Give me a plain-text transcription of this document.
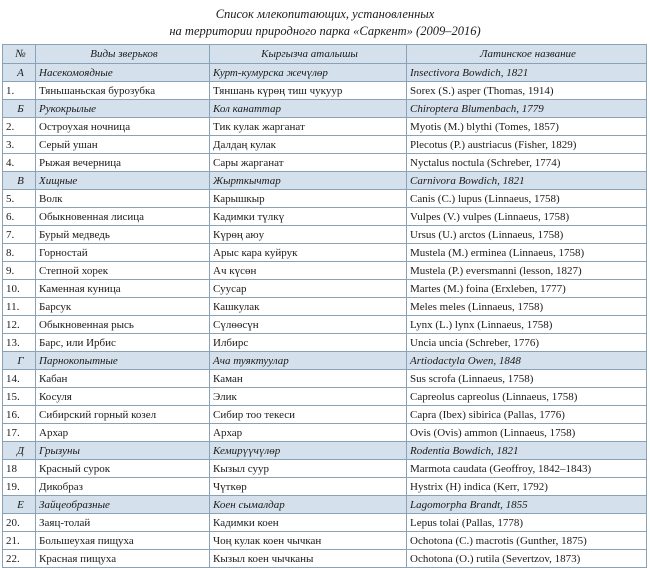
Список млекопитающих, установленных
на территории природного парка «Саркент» (2009–2016)
№	Виды зверьков	Кыргызча аталышы	Латинское название
А	Насекомоядные	Курт-кумурска жечүлөр	Insectivora Bowdich, 1821
1.	Тяньшаньская бурозубка	Тяншань күрөң тиш чукуур	Sorex (S.) asper (Thomas, 1914)
Б	Рукокрылые	Кол канаттар	Chiroptera Blumenbach, 1779
2.	Остроухая ночница	Тик кулак жарганат	Myotis (M.) blythi (Tomes, 1857)
3.	Серый ушан	Далдаң кулак	Plecotus (P.) austriacus (Fisher, 1829)
4.	Рыжая вечерница	Сары жарганат	Nyctalus noctula (Schreber, 1774)
В	Хищные	Жырткычтар	Carnivora Bowdich, 1821
5.	Волк	Карышкыр	Canis (C.) lupus (Linnaeus, 1758)
6.	Обыкновенная лисица	Кадимки түлкү	Vulpes (V.) vulpes (Linnaeus, 1758)
7.	Бурый медведь	Күрөң аюу	Ursus (U.) arctos (Linnaeus, 1758)
8.	Горностай	Арыс кара куйрук	Mustela (M.) erminea (Linnaeus, 1758)
9.	Степной хорек	Ач күсөн	Mustela (P.) eversmanni (lesson, 1827)
10.	Каменная куница	Суусар	Martes (M.) foina (Erxleben, 1777)
11.	Барсук	Кашкулак	Meles meles (Linnaeus, 1758)
12.	Обыкновенная рысь	Сүлөөсүн	Lynx (L.) lynx (Linnaeus, 1758)
13.	Барс, или Ирбис	Илбирс	Uncia uncia (Schreber, 1776)
Г	Парнокопытные	Ача туяктуулар	Artiodactyla Owen, 1848
14.	Кабан	Каман	Sus scrofa (Linnaeus, 1758)
15.	Косуля	Элик	Capreolus capreolus (Linnaeus, 1758)
16.	Сибирский горный козел	Сибир тоо текеси	Capra (Ibex) sibirica (Pallas, 1776)
17.	Архар	Архар	Ovis (Ovis) ammon (Linnaeus, 1758)
Д	Грызуны	Кемирүүчүлөр	Rodentia Bowdich, 1821
18	Красный сурок	Кызыл суур	Marmota caudata (Geoffroy, 1842–1843)
19.	Дикобраз	Чүткөр	Hystrix (H) indica (Kerr, 1792)
Е	Зайцеобразные	Коен сымалдар	Lagomorpha Brandt, 1855
20.	Заяц-толай	Кадимки коен	Lepus tolai (Pallas, 1778)
21.	Большеухая пищуха	Чоң кулак коен чычкан	Ochotona (C.) macrotis (Gunther, 1875)
22.	Красная пищуха	Кызыл коен чычканы	Ochotona (O.) rutila (Severtzov, 1873)
